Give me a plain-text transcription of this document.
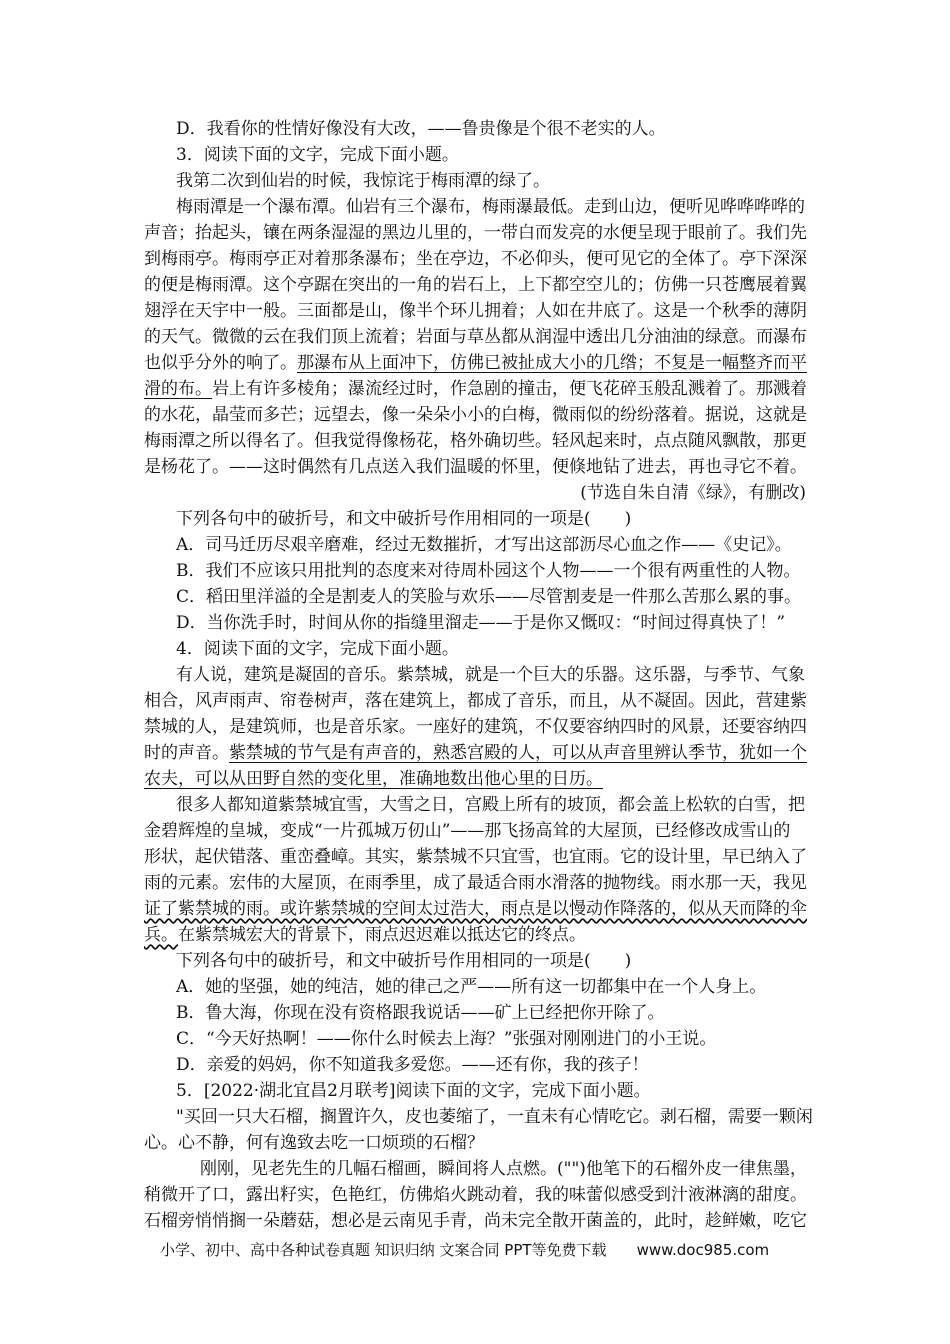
D．我看你的性情好像没有大改，——鲁贵像是个很不老实的人。
3．阅读下面的文字，完成下面小题。
我第二次到仙岩的时候，我惊诧于梅雨潭的绿了。
梅雨潭是一个瀑布潭。仙岩有三个瀑布，梅雨瀑最低。走到山边，便听见哗哗哗哗的
声音；抬起头，镶在两条湿湿的黑边儿里的，一带白而发亮的水便呈现于眼前了。我们先
到梅雨亭。梅雨亭正对着那条瀑布；坐在亭边，不必仰头，便可见它的全体了。亭下深深
的便是梅雨潭。这个亭踞在突出的一角的岩石上，上下都空空儿的；仿佛一只苍鹰展着翼
翅浮在天宇中一般。三面都是山，像半个环儿拥着；人如在井底了。这是一个秋季的薄阴
的天气。微微的云在我们顶上流着；岩面与草丛都从润湿中透出几分油油的绿意。而瀑布
也似乎分外的响了。那瀑布从上面冲下，仿佛已被扯成大小的几绺；不复是一幅整齐而平
滑的布。岩上有许多棱角；瀑流经过时，作急剧的撞击，便飞花碎玉般乱溅着了。那溅着
的水花，晶莹而多芒；远望去，像一朵朵小小的白梅，微雨似的纷纷落着。据说，这就是
梅雨潭之所以得名了。但我觉得像杨花，格外确切些。轻风起来时，点点随风飘散，那更
是杨花了。——这时偶然有几点送入我们温暖的怀里，便倏地钻了进去，再也寻它不着。
(节选自朱自清《绿》，有删改)
下列各句中的破折号，和文中破折号作用相同的一项是(　　)
A．司马迁历尽艰辛磨难，经过无数摧折，才写出这部沥尽心血之作——《史记》。
B．我们不应该只用批判的态度来对待周朴园这个人物——一个很有两重性的人物。
C．稻田里洋溢的全是割麦人的笑脸与欢乐——尽管割麦是一件那么苦那么累的事。
D．当你洗手时，时间从你的指缝里溜走——于是你又慨叹：“时间过得真快了！”
4．阅读下面的文字，完成下面小题。
有人说，建筑是凝固的音乐。紫禁城，就是一个巨大的乐器。这乐器，与季节、气象
相合，风声雨声、帘卷树声，落在建筑上，都成了音乐，而且，从不凝固。因此，营建紫
禁城的人，是建筑师，也是音乐家。一座好的建筑，不仅要容纳四时的风景，还要容纳四
时的声音。紫禁城的节气是有声音的，熟悉宫殿的人，可以从声音里辨认季节，犹如一个
农夫，可以从田野自然的变化里，准确地数出他心里的日历。
很多人都知道紫禁城宜雪，大雪之日，宫殿上所有的坡顶，都会盖上松软的白雪，把
金碧辉煌的皇城，变成“一片孤城万仞山”——那飞扬高耸的大屋顶，已经修改成雪山的
形状，起伏错落、重峦叠嶂。其实，紫禁城不只宜雪，也宜雨。它的设计里，早已纳入了
雨的元素。宏伟的大屋顶，在雨季里，成了最适合雨水滑落的抛物线。雨水那一天，我见
证了紫禁城的雨。或许紫禁城的空间太过浩大，雨点是以慢动作降落的，似从天而降的伞
兵。在紫禁城宏大的背景下，雨点迟迟难以抵达它的终点。
下列各句中的破折号，和文中破折号作用相同的一项是(　　)
A．她的坚强，她的纯洁，她的律己之严——所有这一切都集中在一个人身上。
B．鲁大海，你现在没有资格跟我说话——矿上已经把你开除了。
C．“今天好热啊！——你什么时候去上海？”张强对刚刚进门的小王说。
D．亲爱的妈妈，你不知道我多爱您。——还有你，我的孩子！
5．[2022·湖北宜昌2月联考]阅读下面的文字，完成下面小题。
"买回一只大石榴，搁置许久，皮也萎缩了，一直未有心情吃它。剥石榴，需要一颗闲
心。心不静，何有逸致去吃一口烦琐的石榴？
刚刚，见老先生的几幅石榴画，瞬间将人点燃。("")他笔下的石榴外皮一律焦墨，
稍微开了口，露出籽实，色艳红，仿佛焰火跳动着，我的味蕾似感受到汁液淋漓的甜度。
石榴旁悄悄搁一朵蘑菇，想必是云南见手青，尚未完全散开菌盖的，此时，趁鲜嫩，吃它
小学、初中、高中各种试卷真题 知识归纳 文案合同 PPT等免费下载 www.doc985.com
